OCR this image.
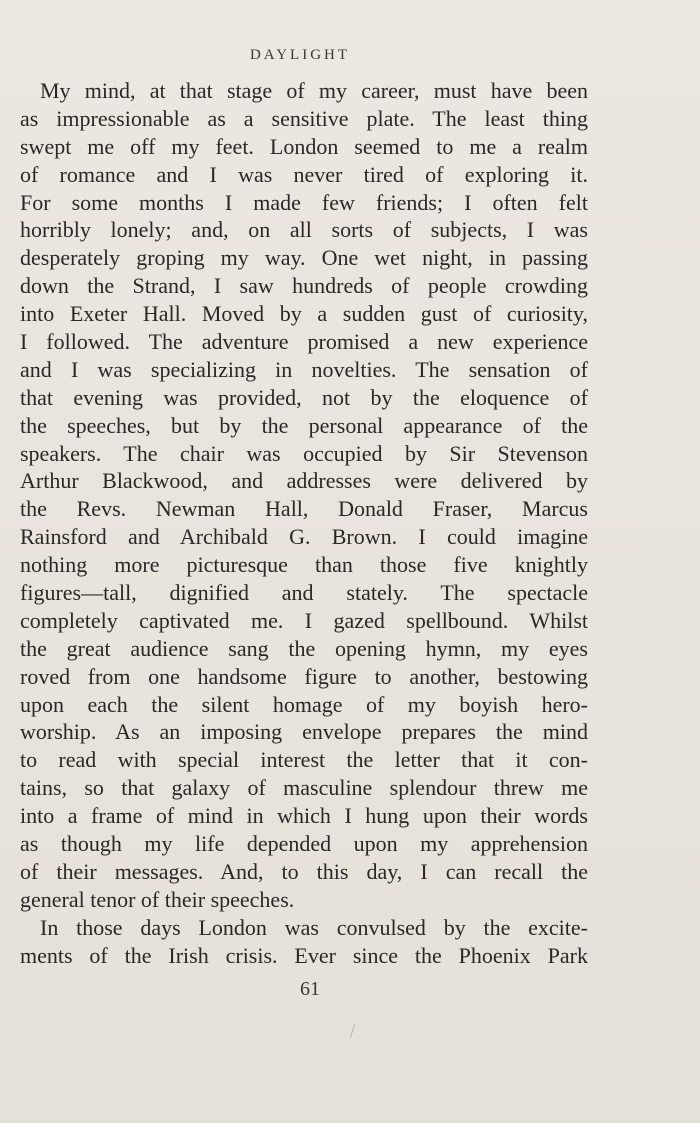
DAYLIGHT
My mind, at that stage of my career, must have been
as impressionable as a sensitive plate. The least thing
swept me off my feet. London seemed to me a realm
of romance and I was never tired of exploring it.
For some months I made few friends; I often felt
horribly lonely; and, on all sorts of subjects, I was
desperately groping my way. One wet night, in passing
down the Strand, I saw hundreds of people crowding
into Exeter Hall. Moved by a sudden gust of curiosity,
I followed. The adventure promised a new experience
and I was specializing in novelties. The sensation of
that evening was provided, not by the eloquence of
the speeches, but by the personal appearance of the
speakers. The chair was occupied by Sir Stevenson
Arthur Blackwood, and addresses were delivered by
the Revs. Newman Hall, Donald Fraser, Marcus
Rainsford and Archibald G. Brown. I could imagine
nothing more picturesque than those five knightly
figures—tall, dignified and stately. The spectacle
completely captivated me. I gazed spellbound. Whilst
the great audience sang the opening hymn, my eyes
roved from one handsome figure to another, bestowing
upon each the silent homage of my boyish hero-
worship. As an imposing envelope prepares the mind
to read with special interest the letter that it con-
tains, so that galaxy of masculine splendour threw me
into a frame of mind in which I hung upon their words
as though my life depended upon my apprehension
of their messages. And, to this day, I can recall the
general tenor of their speeches.
In those days London was convulsed by the excite-
ments of the Irish crisis. Ever since the Phoenix Park
61
